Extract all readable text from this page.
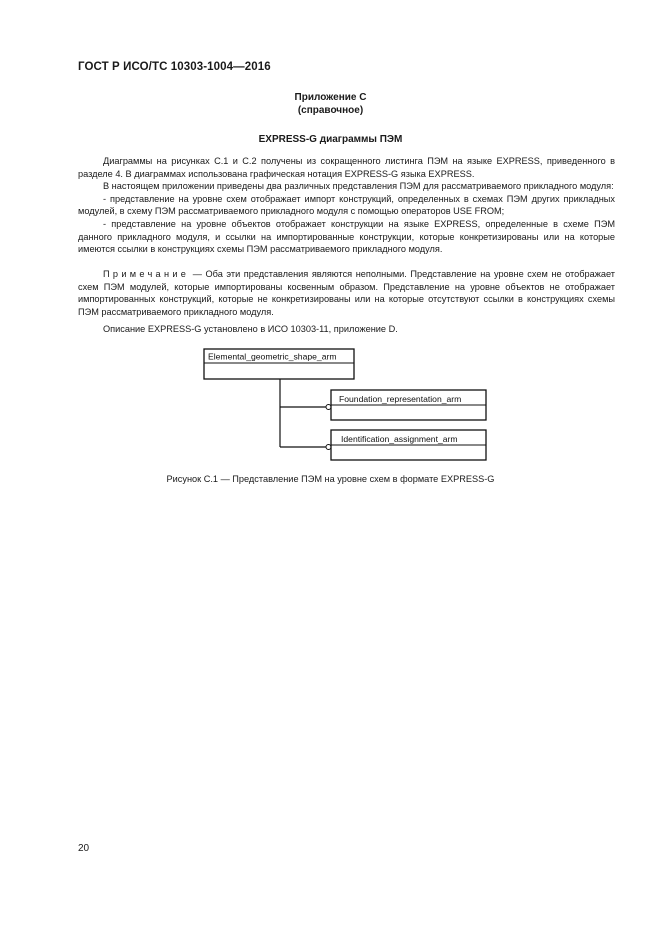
ГОСТ Р ИСО/ТС 10303-1004—2016
Приложение С
(справочное)
EXPRESS-G диаграммы ПЭМ

Диаграммы на рисунках С.1 и С.2 получены из сокращенного листинга ПЭМ на языке EXPRESS, приведенного в разделе 4. В диаграммах использована графическая нотация EXPRESS-G языка EXPRESS.

В настоящем приложении приведены два различных представления ПЭМ для рассматриваемого прикладного модуля:

- представление на уровне схем отображает импорт конструкций, определенных в схемах ПЭМ других прикладных модулей, в схему ПЭМ рассматриваемого прикладного модуля с помощью операторов USE FROM;

- представление на уровне объектов отображает конструкции на языке EXPRESS, определенные в схеме ПЭМ данного прикладного модуля, и ссылки на импортированные конструкции, которые конкретизированы или на которые имеются ссылки в конструкциях схемы ПЭМ рассматриваемого прикладного модуля.

Примечание — Оба эти представления являются неполными. Представление на уровне схем не отображает схем ПЭМ модулей, которые импортированы косвенным образом. Представление на уровне объектов не отображает импортированных конструкций, которые не конкретизированы или на которые отсутствуют ссылки в конструкциях схемы ПЭМ рассматриваемого прикладного модуля.

Описание EXPRESS-G установлено в ИСО 10303-11, приложение D.

Elemental_geometric_shape_arm
Foundation_representation_arm
Identification_assignment_arm
Рисунок С.1 — Представление ПЭМ на уровне схем в формате EXPRESS-G
20
